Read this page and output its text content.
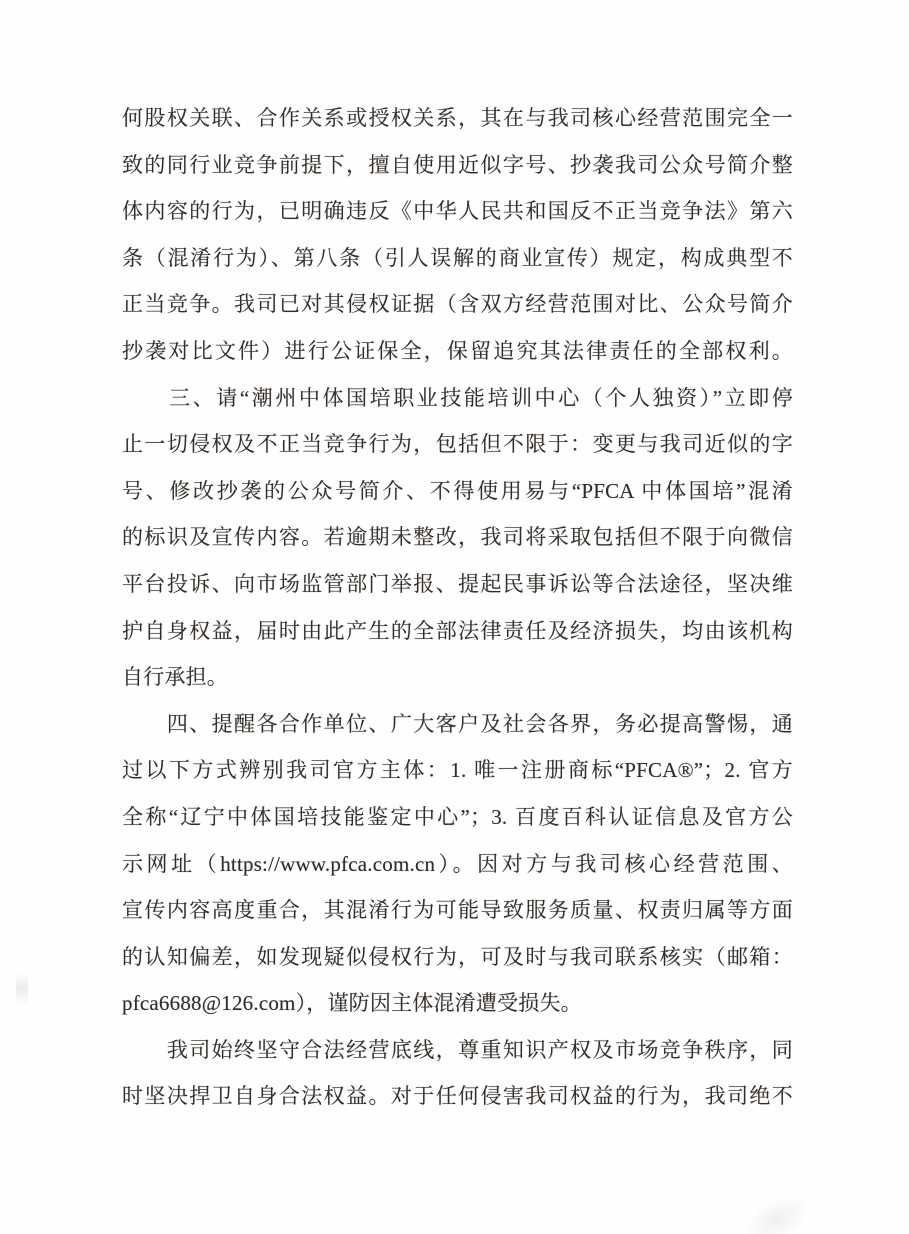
何股权关联、合作关系或授权关系，其在与我司核心经营范围完全一
致的同行业竞争前提下，擅自使用近似字号、抄袭我司公众号简介整
体内容的行为，已明确违反《中华人民共和国反不正当竞争法》第六
条（混淆行为）、第八条（引人误解的商业宣传）规定，构成典型不
正当竞争。我司已对其侵权证据（含双方经营范围对比、公众号简介
抄袭对比文件）进行公证保全，保留追究其法律责任的全部权利。
　　三、请“潮州中体国培职业技能培训中心（个人独资）”立即停
止一切侵权及不正当竞争行为，包括但不限于：变更与我司近似的字
号、修改抄袭的公众号简介、不得使用易与“PFCA 中体国培”混淆
的标识及宣传内容。若逾期未整改，我司将采取包括但不限于向微信
平台投诉、向市场监管部门举报、提起民事诉讼等合法途径，坚决维
护自身权益，届时由此产生的全部法律责任及经济损失，均由该机构
自行承担。
　　四、提醒各合作单位、广大客户及社会各界，务必提高警惕，通
过以下方式辨别我司官方主体：1. 唯一注册商标“PFCA®”；2. 官方
全称“辽宁中体国培技能鉴定中心”；3. 百度百科认证信息及官方公
示网址（https://www.pfca.com.cn）。因对方与我司核心经营范围、
宣传内容高度重合，其混淆行为可能导致服务质量、权责归属等方面
的认知偏差，如发现疑似侵权行为，可及时与我司联系核实（邮箱：
pfca6688@126.com），谨防因主体混淆遭受损失。
　　我司始终坚守合法经营底线，尊重知识产权及市场竞争秩序，同
时坚决捍卫自身合法权益。对于任何侵害我司权益的行为，我司绝不
